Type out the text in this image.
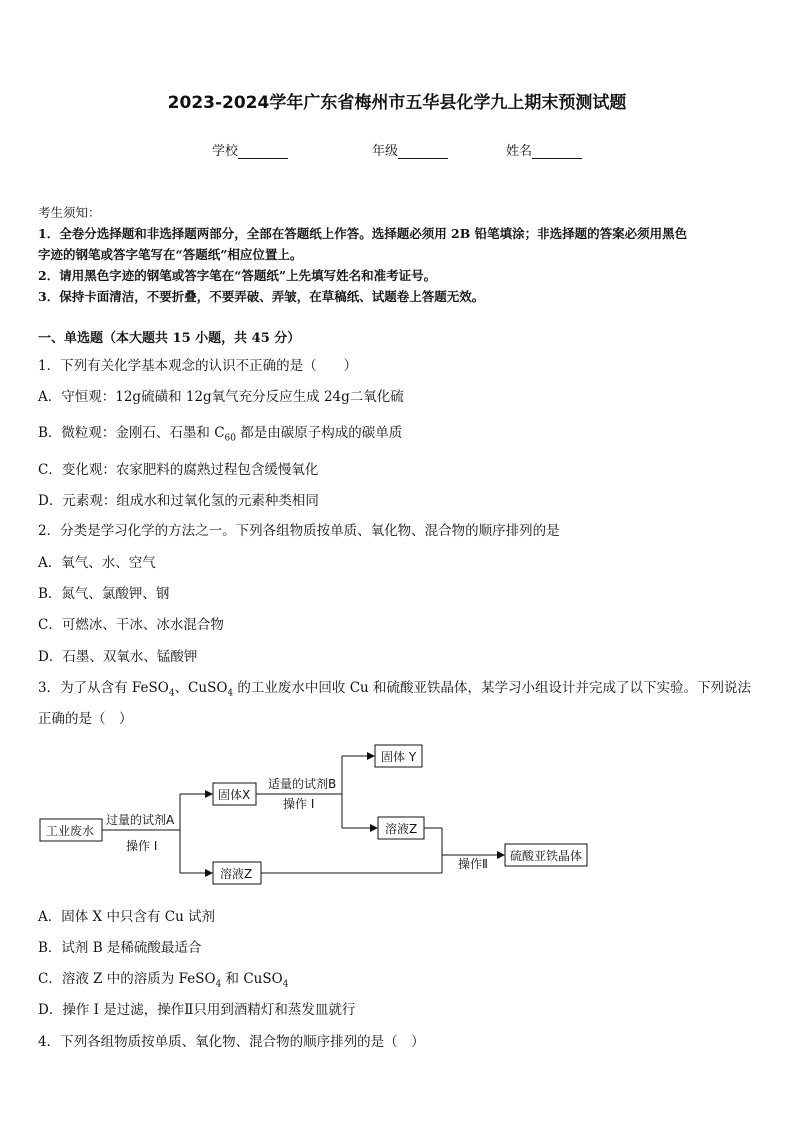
2023-2024学年广东省梅州市五华县化学九上期末预测试题
学校	年级	姓名
考生须知：
1．全卷分选择题和非选择题两部分，全部在答题纸上作答。选择题必须用 2B 铅笔填涂；非选择题的答案必须用黑色
字迹的钢笔或答字笔写在“答题纸”相应位置上。
2．请用黑色字迹的钢笔或答字笔在“答题纸”上先填写姓名和准考证号。
3．保持卡面清洁，不要折叠，不要弄破、弄皱，在草稿纸、试题卷上答题无效。
一、单选题（本大题共 15 小题，共 45 分）
1．下列有关化学基本观念的认识不正确的是（　　）
A．守恒观：12g硫磺和 12g氧气充分反应生成 24g二氧化硫
B．微粒观：金刚石、石墨和 $C_{60}$ 都是由碳原子构成的碳单质
C．变化观：农家肥料的腐熟过程包含缓慢氧化
D．元素观：组成水和过氧化氢的元素种类相同
2．分类是学习化学的方法之一。下列各组物质按单质、氧化物、混合物的顺序排列的是
A．氧气、水、空气
B．氮气、氯酸钾、钢
C．可燃冰、干冰、冰水混合物
D．石墨、双氧水、锰酸钾
3．为了从含有 FeSO$_4$、CuSO$_4$ 的工业废水中回收 Cu 和硫酸亚铁晶体，某学习小组设计并完成了以下实验。下列说法
正确的是（　）
工业废水
固体X
溶液Z
固体 Y
溶液Z
硫酸亚铁晶体
过量的试剂A
操作 I
适量的试剂B
操作 I
操作Ⅱ
A．固体 X 中只含有 Cu 试剂
B．试剂 B 是稀硫酸最适合
C．溶液 Z 中的溶质为 FeSO$_4$ 和 CuSO$_4$
D．操作 I 是过滤，操作Ⅱ只用到酒精灯和蒸发皿就行
4．下列各组物质按单质、氧化物、混合物的顺序排列的是（　）
